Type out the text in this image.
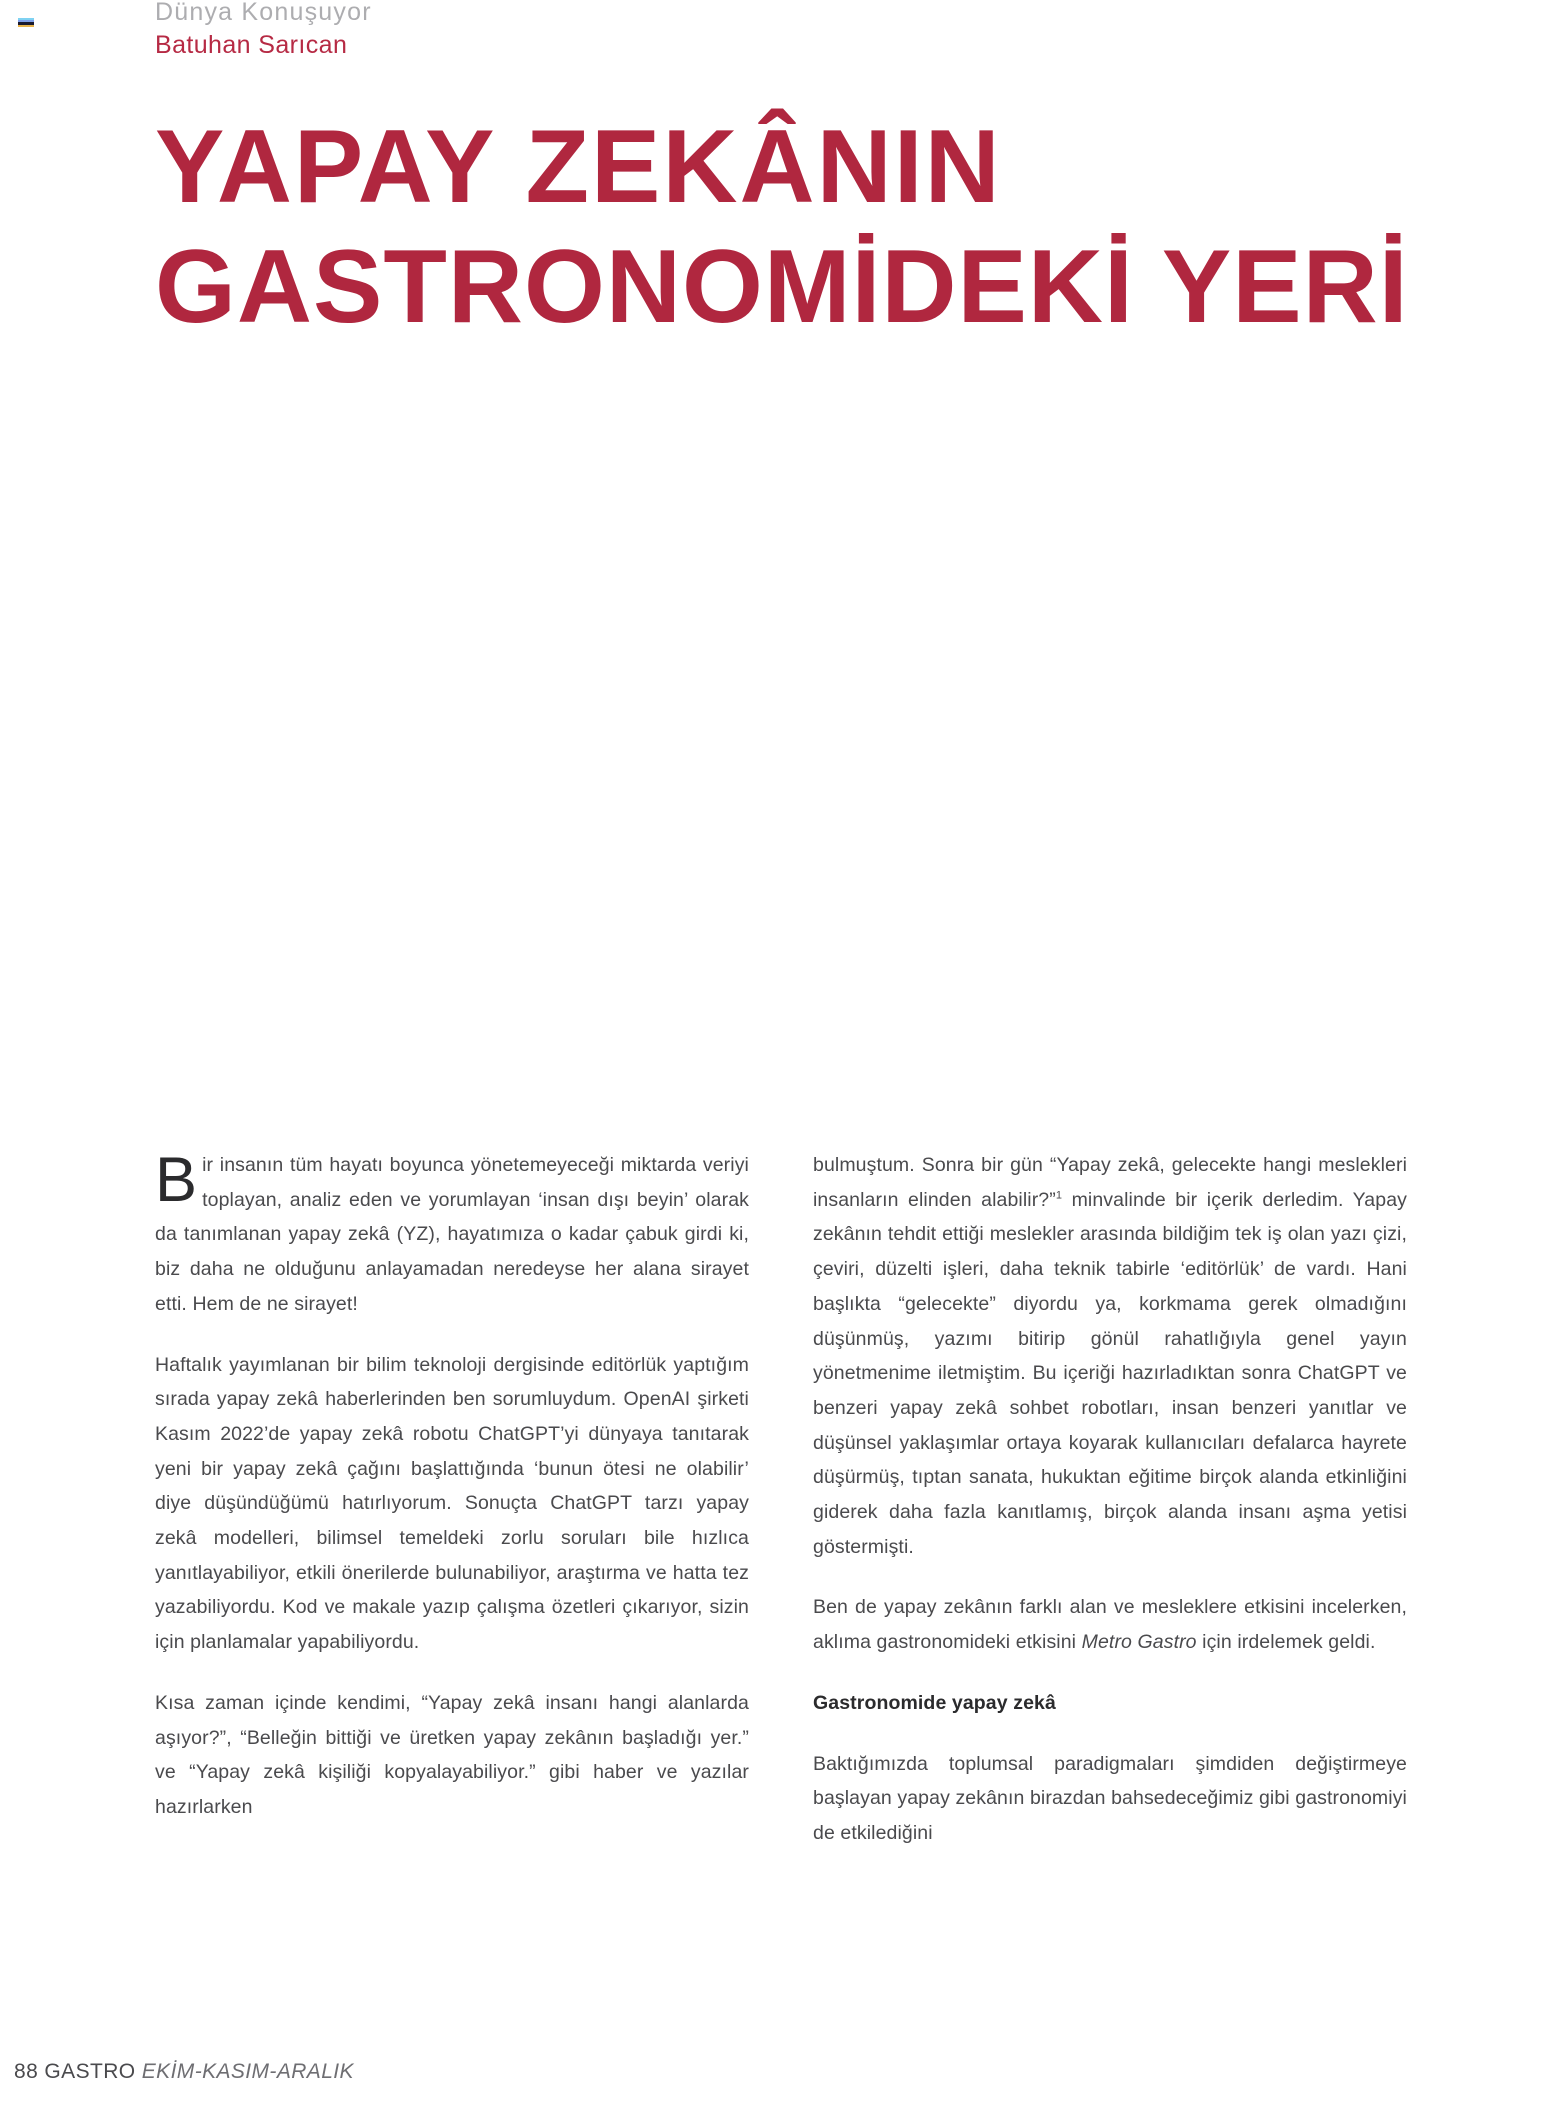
Dünya Konuşuyor
Batuhan Sarıcan
YAPAY ZEKÂNIN
GASTRONOMİDEKİ YERİ

Bir insanın tüm hayatı boyunca yönetemeyeceği miktarda veriyi toplayan, analiz eden ve yorumlayan ‘insan dışı beyin’ olarak da tanımlanan yapay zekâ (YZ), hayatımıza o kadar çabuk girdi ki, biz daha ne olduğunu anlayamadan neredeyse her alana sirayet etti. Hem de ne sirayet!

Haftalık yayımlanan bir bilim teknoloji dergisinde editörlük yaptığım sırada yapay zekâ haberlerinden ben sorumluydum. OpenAI şirketi Kasım 2022’de yapay zekâ robotu ChatGPT’yi dünyaya tanıtarak yeni bir yapay zekâ çağını başlattığında ‘bunun ötesi ne olabilir’ diye düşündüğümü hatırlıyorum. Sonuçta ChatGPT tarzı yapay zekâ modelleri, bilimsel temeldeki zorlu soruları bile hızlıca yanıtlayabiliyor, etkili önerilerde bulunabiliyor, araştırma ve hatta tez yazabiliyordu. Kod ve makale yazıp çalışma özetleri çıkarıyor, sizin için planlamalar yapabiliyordu.

Kısa zaman içinde kendimi, “Yapay zekâ insanı hangi alanlarda aşıyor?”, “Belleğin bittiği ve üretken yapay zekânın başladığı yer.” ve “Yapay zekâ kişiliği kopyalayabiliyor.” gibi haber ve yazılar hazırlarken

bulmuştum. Sonra bir gün “Yapay zekâ, gelecekte hangi meslekleri insanların elinden alabilir?”$^1$ minvalinde bir içerik derledim. Yapay zekânın tehdit ettiği meslekler arasında bildiğim tek iş olan yazı çizi, çeviri, düzelti işleri, daha teknik tabirle ‘editörlük’ de vardı. Hani başlıkta “gelecekte” diyordu ya, korkmama gerek olmadığını düşünmüş, yazımı bitirip gönül rahatlığıyla genel yayın yönetmenime iletmiştim. Bu içeriği hazırladıktan sonra ChatGPT ve benzeri yapay zekâ sohbet robotları, insan benzeri yanıtlar ve düşünsel yaklaşımlar ortaya koyarak kullanıcıları defalarca hayrete düşürmüş, tıptan sanata, hukuktan eğitime birçok alanda etkinliğini giderek daha fazla kanıtlamış, birçok alanda insanı aşma yetisi göstermişti.

Ben de yapay zekânın farklı alan ve mesleklere etkisini incelerken, aklıma gastronomideki etkisini Metro Gastro için irdelemek geldi.

Gastronomide yapay zekâ

Baktığımızda toplumsal paradigmaları şimdiden değiştirmeye başlayan yapay zekânın birazdan bahsedeceğimiz gibi gastronomiyi de etkilediğini

88 GASTRO EKİM-KASIM-ARALIK
